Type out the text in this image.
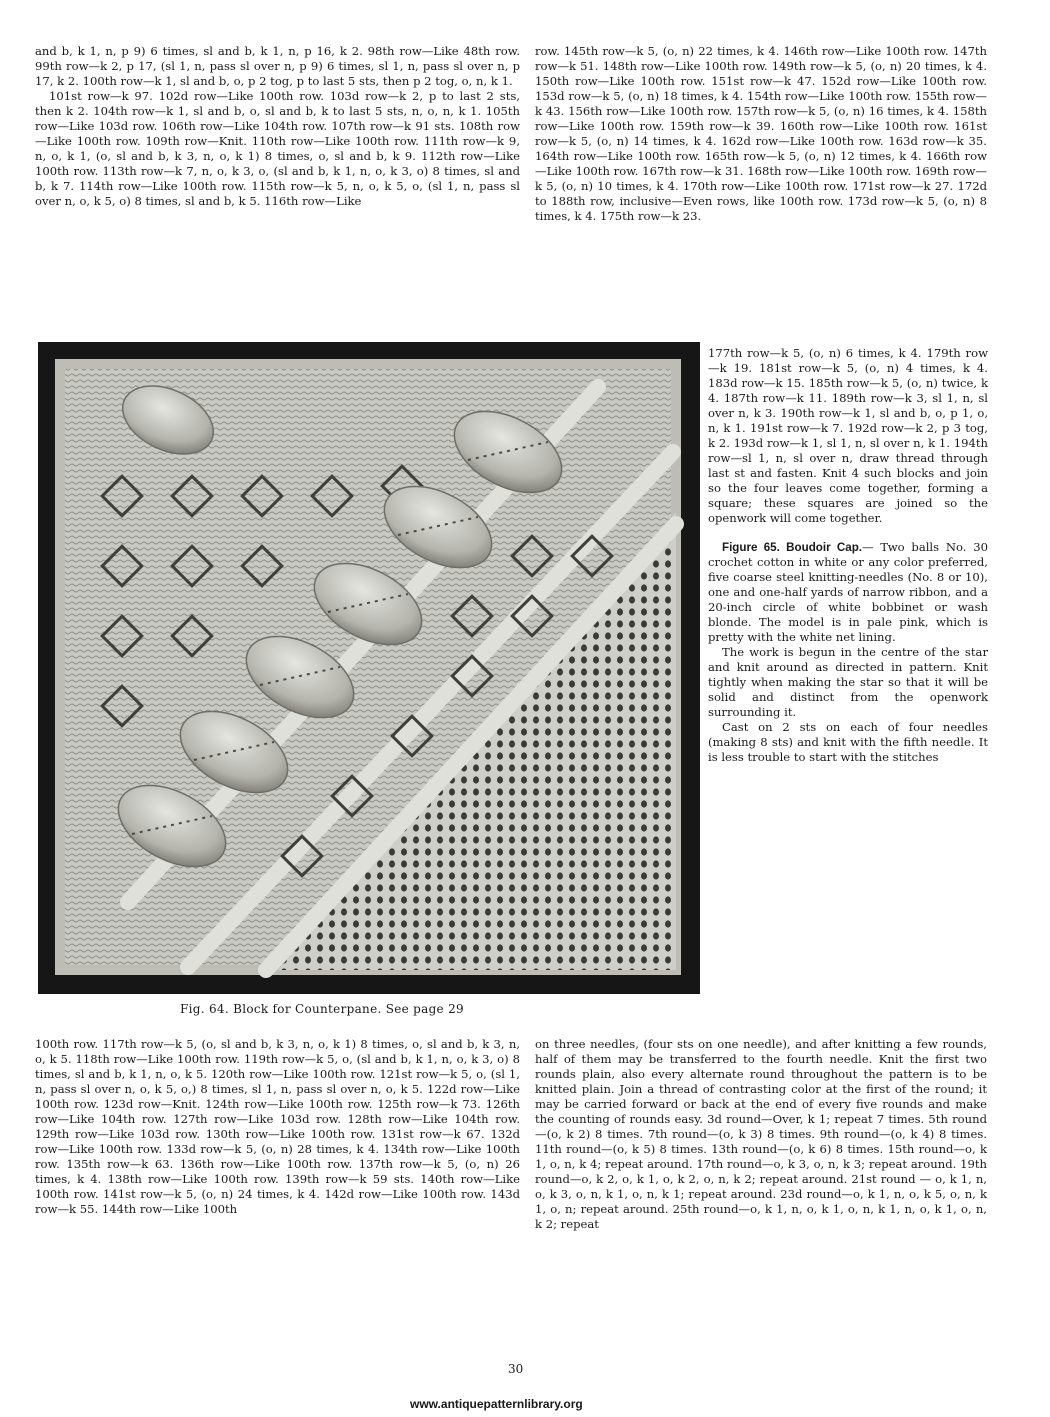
and b, k 1, n, p 9) 6 times, sl and b, k 1, n, p 16, k 2. 98th row—Like 48th row. 99th row—k 2, p 17, (sl 1, n, pass sl over n, p 9) 6 times, sl 1, n, pass sl over n, p 17, k 2. 100th row—k 1, sl and b, o, p 2 tog, p to last 5 sts, then p 2 tog, o, n, k 1.

101st row—k 97. 102d row—Like 100th row. 103d row—k 2, p to last 2 sts, then k 2. 104th row—k 1, sl and b, o, sl and b, k to last 5 sts, n, o, n, k 1. 105th row—Like 103d row. 106th row—Like 104th row. 107th row—k 91 sts. 108th row—Like 100th row. 109th row—Knit. 110th row—Like 100th row. 111th row—k 9, n, o, k 1, (o, sl and b, k 3, n, o, k 1) 8 times, o, sl and b, k 9. 112th row—Like 100th row. 113th row—k 7, n, o, k 3, o, (sl and b, k 1, n, o, k 3, o) 8 times, sl and b, k 7. 114th row—Like 100th row. 115th row—k 5, n, o, k 5, o, (sl 1, n, pass sl over n, o, k 5, o) 8 times, sl and b, k 5. 116th row—Like

row. 145th row—k 5, (o, n) 22 times, k 4. 146th row—Like 100th row. 147th row—k 51. 148th row—Like 100th row. 149th row—k 5, (o, n) 20 times, k 4. 150th row—Like 100th row. 151st row—k 47. 152d row—Like 100th row. 153d row—k 5, (o, n) 18 times, k 4. 154th row—Like 100th row. 155th row—k 43. 156th row—Like 100th row. 157th row—k 5, (o, n) 16 times, k 4. 158th row—Like 100th row. 159th row—k 39. 160th row—Like 100th row. 161st row—k 5, (o, n) 14 times, k 4. 162d row—Like 100th row. 163d row—k 35. 164th row—Like 100th row. 165th row—k 5, (o, n) 12 times, k 4. 166th row—Like 100th row. 167th row—k 31. 168th row—Like 100th row. 169th row—k 5, (o, n) 10 times, k 4. 170th row—Like 100th row. 171st row—k 27. 172d to 188th row, inclusive—Even rows, like 100th row. 173d row—k 5, (o, n) 8 times, k 4. 175th row—k 23.

Fig. 64. Block for Counterpane. See page 29

177th row—k 5, (o, n) 6 times, k 4. 179th row—k 19. 181st row—k 5, (o, n) 4 times, k 4. 183d row—k 15. 185th row—k 5, (o, n) twice, k 4. 187th row—k 11. 189th row—k 3, sl 1, n, sl over n, k 3. 190th row—k 1, sl and b, o, p 1, o, n, k 1. 191st row—k 7. 192d row—k 2, p 3 tog, k 2. 193d row—k 1, sl 1, n, sl over n, k 1. 194th row—sl 1, n, sl over n, draw thread through last st and fasten. Knit 4 such blocks and join so the four leaves come together, forming a square; these squares are joined so the openwork will come together.

Figure 65. Boudoir Cap.— Two balls No. 30 crochet cotton in white or any color preferred, five coarse steel knitting-needles (No. 8 or 10), one and one-half yards of narrow ribbon, and a 20-inch circle of white bobbinet or wash blonde. The model is in pale pink, which is pretty with the white net lining.

The work is begun in the centre of the star and knit around as directed in pattern. Knit tightly when making the star so that it will be solid and distinct from the openwork surrounding it.

Cast on 2 sts on each of four needles (making 8 sts) and knit with the fifth needle. It is less trouble to start with the stitches

100th row. 117th row—k 5, (o, sl and b, k 3, n, o, k 1) 8 times, o, sl and b, k 3, n, o, k 5. 118th row—Like 100th row. 119th row—k 5, o, (sl and b, k 1, n, o, k 3, o) 8 times, sl and b, k 1, n, o, k 5. 120th row—Like 100th row. 121st row—k 5, o, (sl 1, n, pass sl over n, o, k 5, o,) 8 times, sl 1, n, pass sl over n, o, k 5. 122d row—Like 100th row. 123d row—Knit. 124th row—Like 100th row. 125th row—k 73. 126th row—Like 104th row. 127th row—Like 103d row. 128th row—Like 104th row. 129th row—Like 103d row. 130th row—Like 100th row. 131st row—k 67. 132d row—Like 100th row. 133d row—k 5, (o, n) 28 times, k 4. 134th row—Like 100th row. 135th row—k 63. 136th row—Like 100th row. 137th row—k 5, (o, n) 26 times, k 4. 138th row—Like 100th row. 139th row—k 59 sts. 140th row—Like 100th row. 141st row—k 5, (o, n) 24 times, k 4. 142d row—Like 100th row. 143d row—k 55. 144th row—Like 100th

on three needles, (four sts on one needle), and after knitting a few rounds, half of them may be transferred to the fourth needle. Knit the first two rounds plain, also every alternate round throughout the pattern is to be knitted plain. Join a thread of contrasting color at the first of the round; it may be carried forward or back at the end of every five rounds and make the counting of rounds easy. 3d round—Over, k 1; repeat 7 times. 5th round—(o, k 2) 8 times. 7th round—(o, k 3) 8 times. 9th round—(o, k 4) 8 times. 11th round—(o, k 5) 8 times. 13th round—(o, k 6) 8 times. 15th round—o, k 1, o, n, k 4; repeat around. 17th round—o, k 3, o, n, k 3; repeat around. 19th round—o, k 2, o, k 1, o, k 2, o, n, k 2; repeat around. 21st round — o, k 1, n, o, k 3, o, n, k 1, o, n, k 1; repeat around. 23d round—o, k 1, n, o, k 5, o, n, k 1, o, n; repeat around. 25th round—o, k 1, n, o, k 1, o, n, k 1, n, o, k 1, o, n, k 2; repeat

30
www.antiquepatternlibrary.org
